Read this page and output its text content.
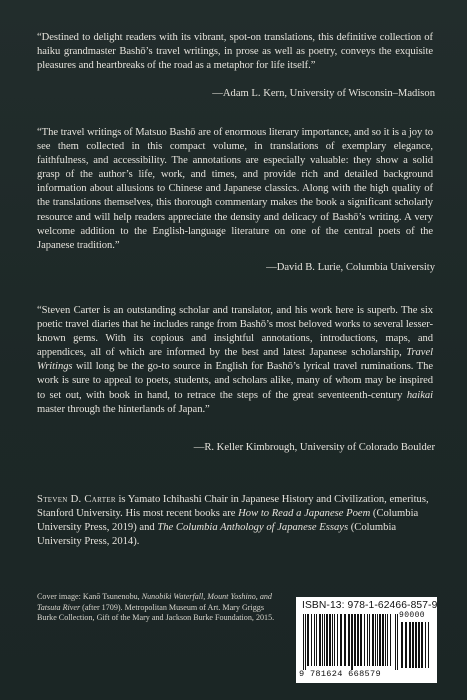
“Destined to delight readers with its vibrant, spot-on translations, this definitive collection of haiku grandmaster Bashō’s travel writings, in prose as well as poetry, conveys the exquisite pleasures and heartbreaks of the road as a metaphor for life itself.”

—Adam L. Kern, University of Wisconsin–Madison

“The travel writings of Matsuo Bashō are of enormous literary importance, and so it is a joy to see them collected in this compact volume, in translations of exemplary elegance, faithfulness, and accessibility. The annotations are especially valuable: they show a solid grasp of the author’s life, work, and times, and provide rich and detailed background information about allusions to Chinese and Japanese classics. Along with the high quality of the translations themselves, this thorough commentary makes the book a significant scholarly resource and will help readers appreciate the density and delicacy of Bashō’s writing. A very welcome addition to the English-language literature on one of the central poets of the Japanese tradition.”

—David B. Lurie, Columbia University

“Steven Carter is an outstanding scholar and translator, and his work here is superb. The six poetic travel diaries that he includes range from Bashō’s most beloved works to several lesser-known gems. With its copious and insightful annotations, introductions, maps, and appendices, all of which are informed by the best and latest Japanese scholarship, Travel Writings will long be the go-to source in English for Bashō’s lyrical travel ruminations. The work is sure to appeal to poets, students, and scholars alike, many of whom may be inspired to set out, with book in hand, to retrace the steps of the great seventeenth-century haikai master through the hinterlands of Japan.”

—R. Keller Kimbrough, University of Colorado Boulder

Steven D. Carter is Yamato Ichihashi Chair in Japanese History and Civilization, emeritus, Stanford University. His most recent books are How to Read a Japanese Poem (Columbia University Press, 2019) and The Columbia Anthology of Japanese Essays (Columbia University Press, 2014).

Cover image: Kanō Tsunenobu, Nunobiki Waterfall, Mount Yoshino, and Tatsuta River (after 1709). Metropolitan Museum of Art. Mary Griggs Burke Collection, Gift of the Mary and Jackson Burke Foundation, 2015.

ISBN-13: 978-1-62466-857-9
90000
9 781624 668579
